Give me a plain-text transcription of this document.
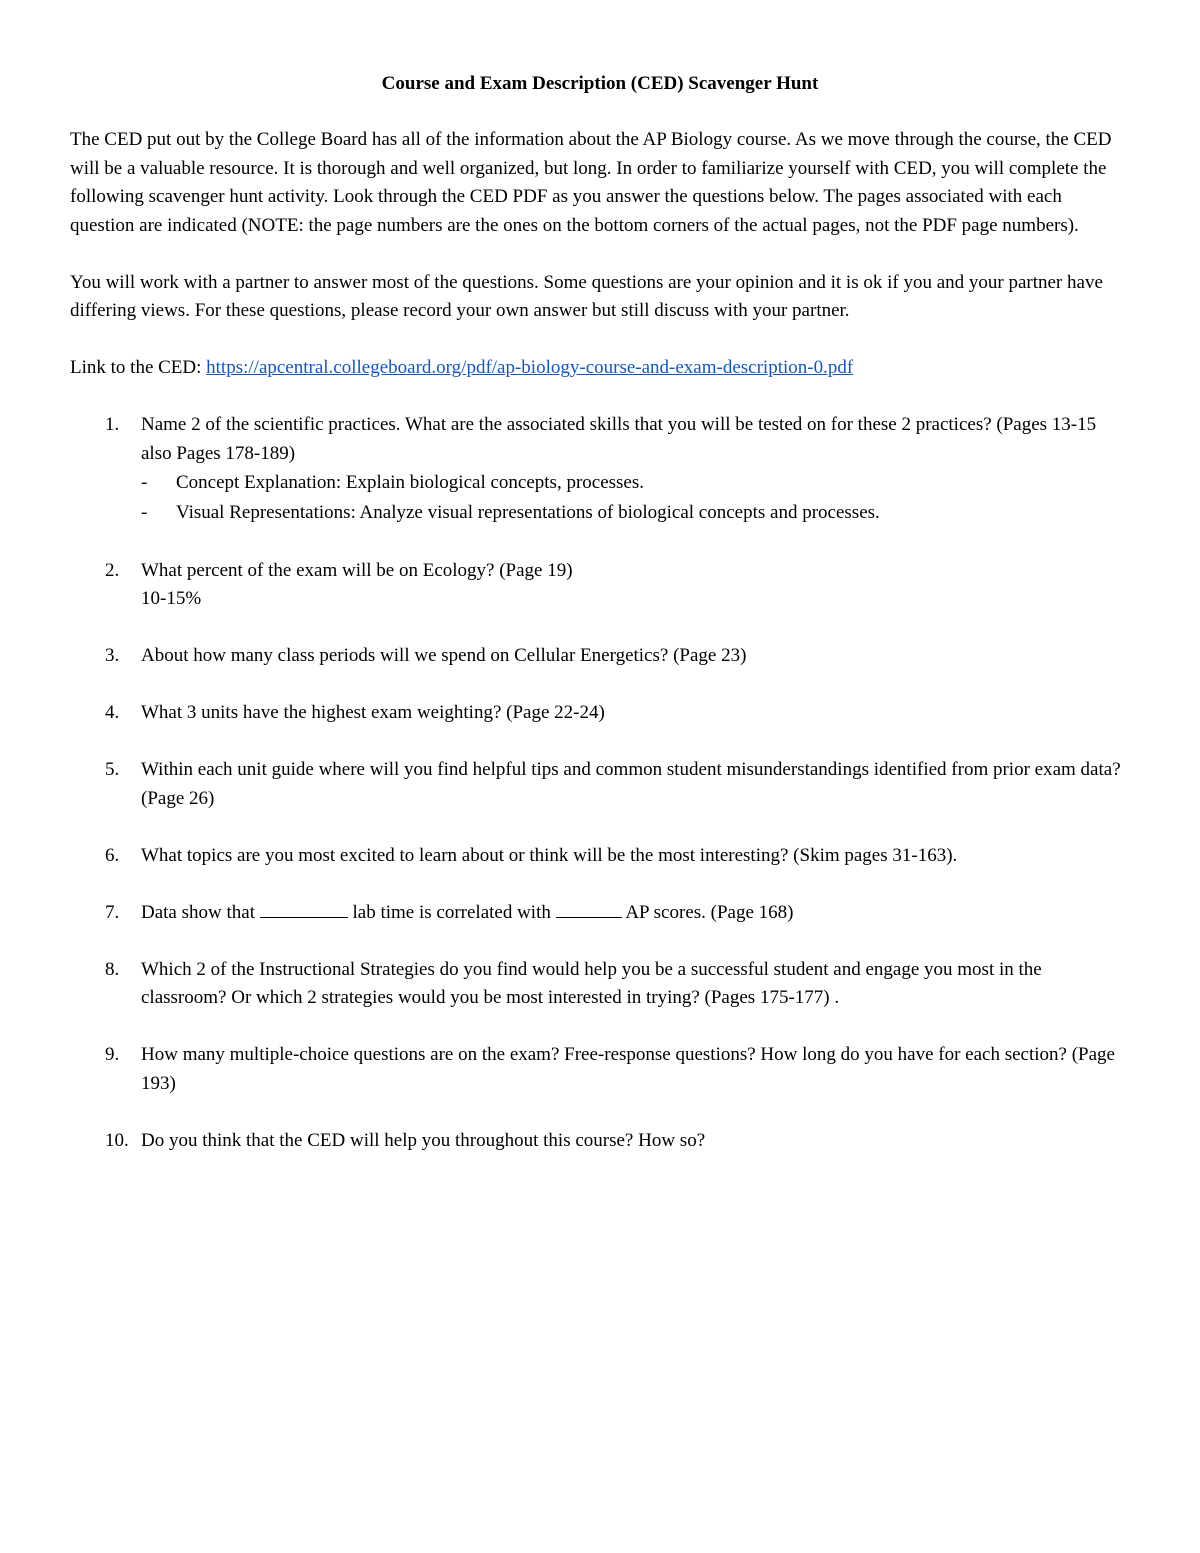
Course and Exam Description (CED) Scavenger Hunt

The CED put out by the College Board has all of the information about the AP Biology course. As we move through the course, the CED will be a valuable resource. It is thorough and well organized, but long. In order to familiarize yourself with CED, you will complete the following scavenger hunt activity. Look through the CED PDF as you answer the questions below. The pages associated with each question are indicated (NOTE: the page numbers are the ones on the bottom corners of the actual pages, not the PDF page numbers).

You will work with a partner to answer most of the questions. Some questions are your opinion and it is ok if you and your partner have differing views. For these questions, please record your own answer but still discuss with your partner.

Link to the CED: https://apcentral.collegeboard.org/pdf/ap-biology-course-and-exam-description-0.pdf

1. Name 2 of the scientific practices. What are the associated skills that you will be tested on for these 2 practices? (Pages 13-15 also Pages 178-189)
- Concept Explanation: Explain biological concepts, processes.
- Visual Representations: Analyze visual representations of biological concepts and processes.
2. What percent of the exam will be on Ecology? (Page 19)
10-15%
3. About how many class periods will we spend on Cellular Energetics? (Page 23)
4. What 3 units have the highest exam weighting? (Page 22-24)
5. Within each unit guide where will you find helpful tips and common student misunderstandings identified from prior exam data? (Page 26)
6. What topics are you most excited to learn about or think will be the most interesting? (Skim pages 31-163).
7. Data show that	lab time is correlated with	AP scores. (Page 168)
8. Which 2 of the Instructional Strategies do you find would help you be a successful student and engage you most in the classroom? Or which 2 strategies would you be most interested in trying? (Pages 175-177) .
9. How many multiple-choice questions are on the exam? Free-response questions? How long do you have for each section? (Page 193)
10. Do you think that the CED will help you throughout this course? How so?
